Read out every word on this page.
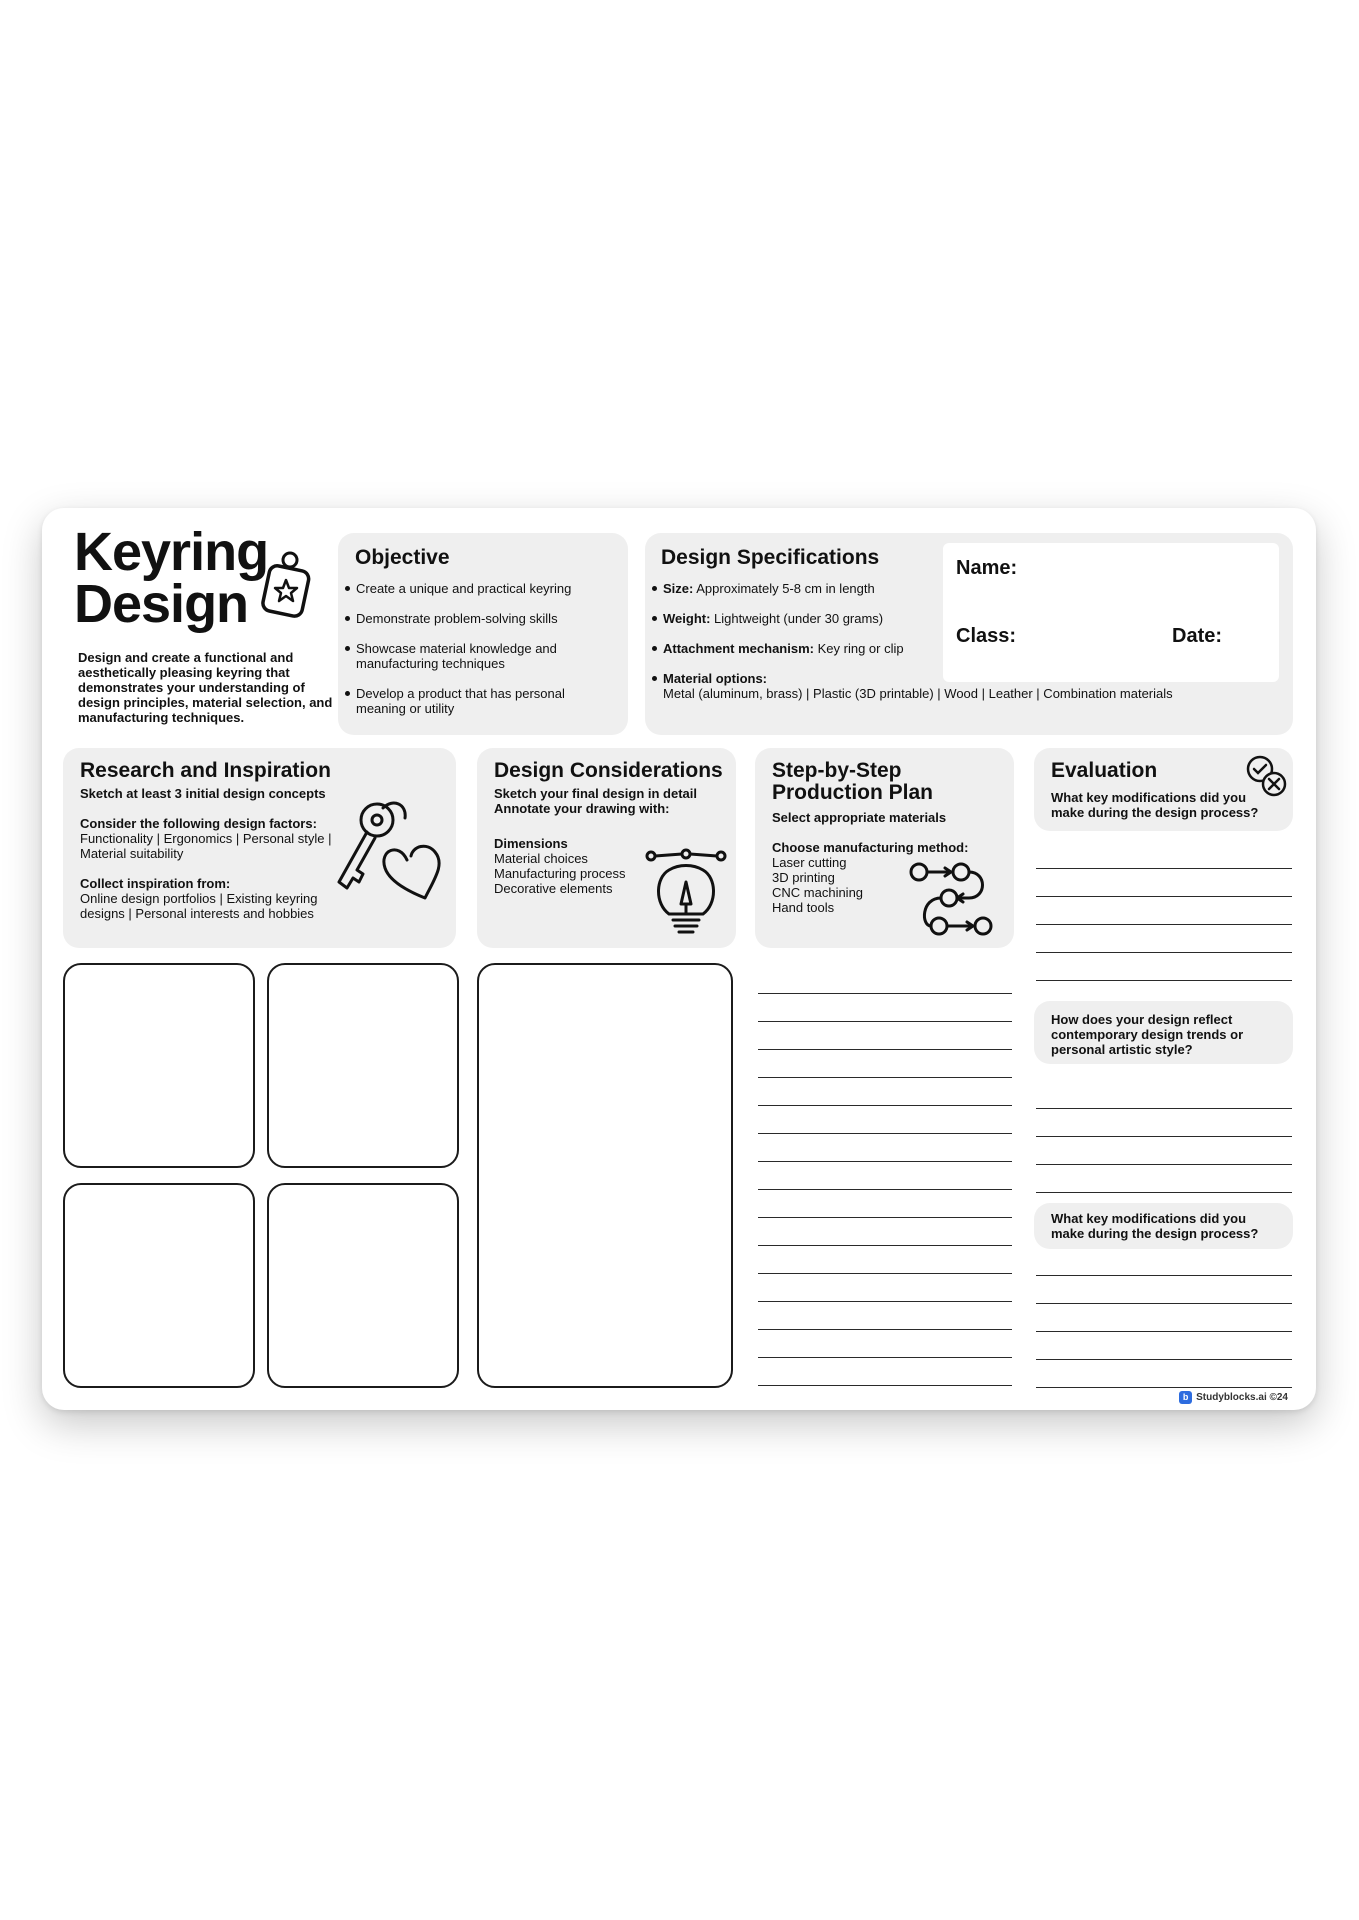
Keyring
Design
Design and create a functional and aesthetically pleasing keyring that demonstrates your understanding of design principles, material selection, and manufacturing techniques.
Objective
Create a unique and practical keyring
Demonstrate problem-solving skills
Showcase material knowledge and manufacturing techniques
Develop a product that has personal meaning or utility
Design Specifications
Size: Approximately 5-8 cm in length
Weight: Lightweight (under 30 grams)
Attachment mechanism: Key ring or clip
Material options:
Metal (aluminum, brass) | Plastic (3D printable) | Wood | Leather | Combination materials
Name:
Class:	Date:
Research and Inspiration
Sketch at least 3 initial design concepts
Consider the following design factors:
Functionality | Ergonomics | Personal style | Material suitability
Collect inspiration from:
Online design portfolios | Existing keyring designs | Personal interests and hobbies
Design Considerations
Sketch your final design in detail Annotate your drawing with:
Dimensions
Material choices
Manufacturing process
Decorative elements
Step-by-Step Production Plan
Select appropriate materials
Choose manufacturing method:
Laser cutting
3D printing
CNC machining
Hand tools
Evaluation
What key modifications did you make during the design process?
How does your design reflect contemporary design trends or personal artistic style?
What key modifications did you make during the design process?
b Studyblocks.ai ©24
